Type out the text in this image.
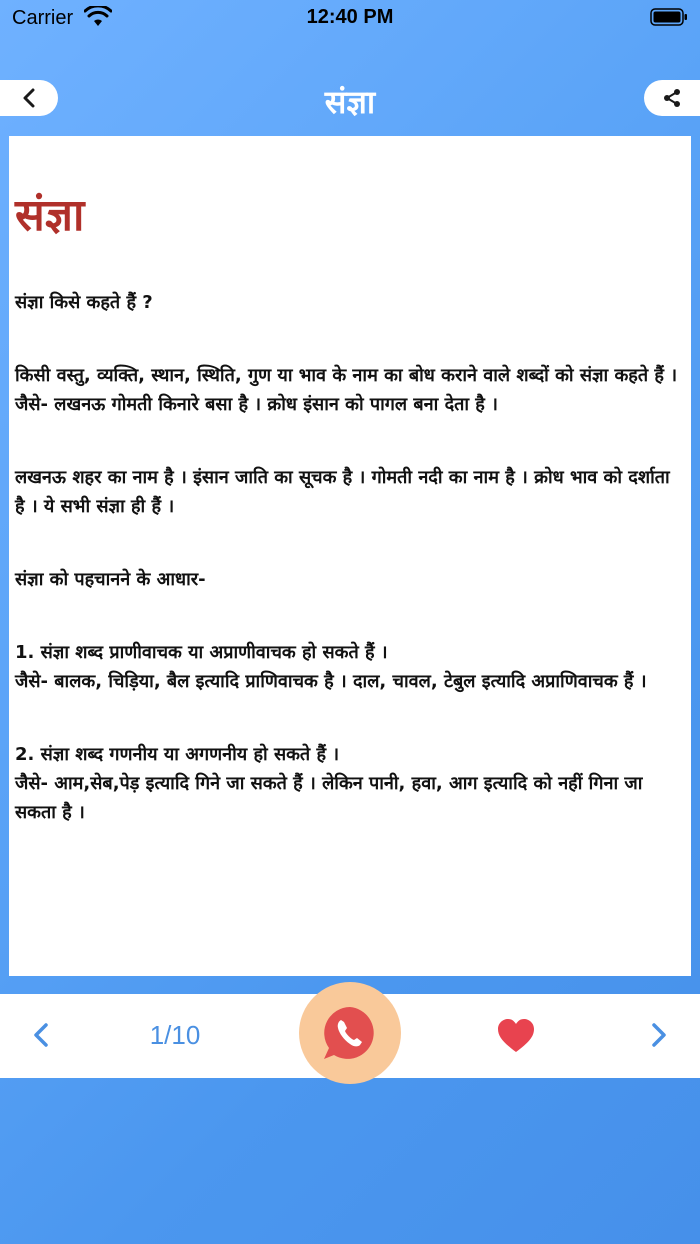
Carrier	12:40 PM
संज्ञा
संज्ञा

संज्ञा किसे कहते हैं ?

किसी वस्तु, व्यक्ति, स्थान, स्थिति, गुण या भाव के नाम का बोध कराने वाले शब्दों को संज्ञा कहते हैं ।

जैसे- लखनऊ गोमती किनारे बसा है । क्रोध इंसान को पागल बना देता है ।

लखनऊ शहर का नाम है । इंसान जाति का सूचक है । गोमती नदी का नाम है । क्रोध भाव को दर्शाता है । ये सभी संज्ञा ही हैं ।

संज्ञा को पहचानने के आधार-

1. संज्ञा शब्द प्राणीवाचक या अप्राणीवाचक हो सकते हैं ।

जैसे- बालक, चिड़िया, बैल इत्यादि प्राणिवाचक है । दाल, चावल, टेबुल इत्यादि अप्राणिवाचक हैं ।

2. संज्ञा शब्द गणनीय या अगणनीय हो सकते हैं ।

जैसे- आम,सेब,पेड़ इत्यादि गिने जा सकते हैं । लेकिन पानी, हवा, आग इत्यादि को नहीं गिना जा सकता है ।

1/10
